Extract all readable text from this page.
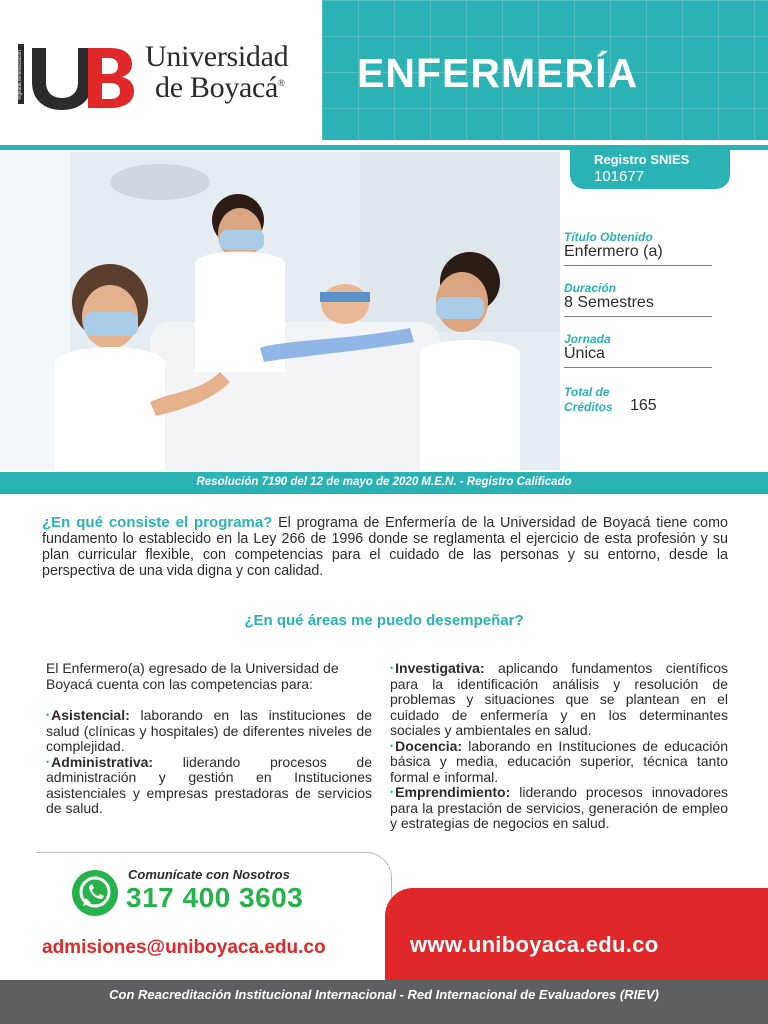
Vigilada Mineducación	Universidad
de Boyacá® ENFERMERÍA
Registro SNIES
101677
Título Obtenido
Enfermero (a)
Duración
8 Semestres
Jornada
Única
Total de Créditos	165
Resolución 7190 del 12 de mayo de 2020 M.E.N. - Registro Calificado
¿En qué consiste el programa? El programa de Enfermería de la Universidad de Boyacá tiene como fundamento lo establecido en la Ley 266 de 1996 donde se reglamenta el ejercicio de esta profesión y su plan curricular flexible, con competencias para el cuidado de las personas y su entorno, desde la perspectiva de una vida digna y con calidad.
¿En qué áreas me puedo desempeñar?
El Enfermero(a) egresado de la Universidad de Boyacá cuenta con las competencias para:
• Asistencial: laborando en las instituciones de salud (clínicas y hospitales) de diferentes niveles de complejidad.
• Administrativa: liderando procesos de administración y gestión en Instituciones asistenciales y empresas prestadoras de servicios de salud.
• Investigativa: aplicando fundamentos científicos para la identificación análisis y resolución de problemas y situaciones que se plantean en el cuidado de enfermería y en los determinantes sociales y ambientales en salud.
• Docencia: laborando en Instituciones de educación básica y media, educación superior, técnica tanto formal e informal.
• Emprendimiento: liderando procesos innovadores para la prestación de servicios, generación de empleo y estrategias de negocios en salud.
Comunícate con Nosotros
317 400 3603
admisiones@uniboyaca.edu.co	www.uniboyaca.edu.co
Con Reacreditación Institucional Internacional - Red Internacional de Evaluadores (RIEV)
